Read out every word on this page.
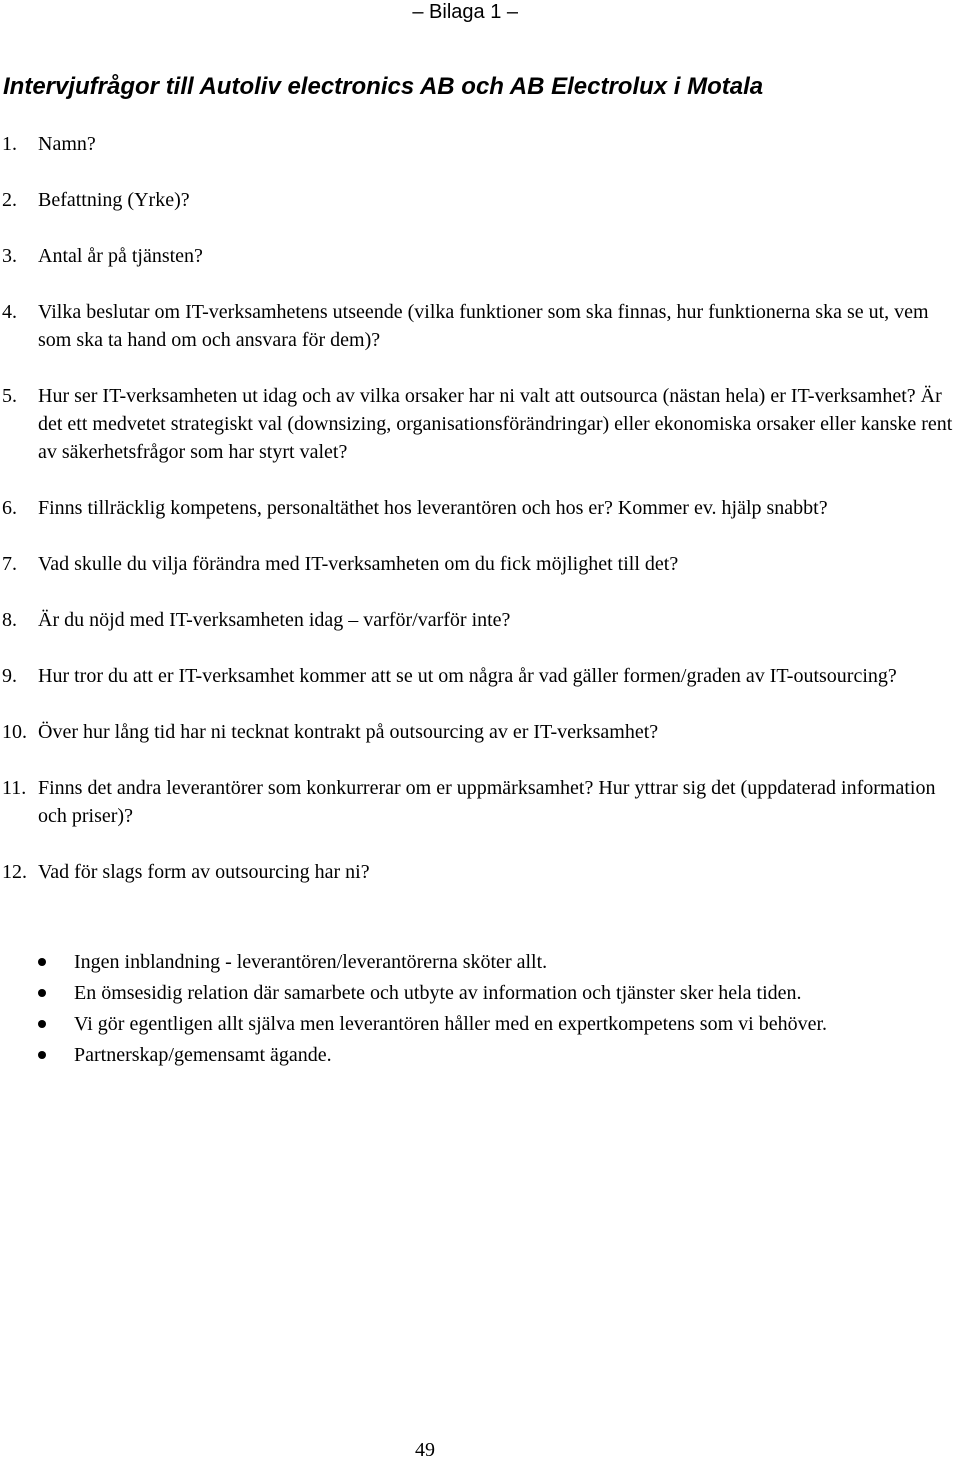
– Bilaga 1 –
Intervjufrågor till Autoliv electronics AB och AB Electrolux i Motala
1. Namn?
2. Befattning (Yrke)?
3. Antal år på tjänsten?
4. Vilka beslutar om IT-verksamhetens utseende (vilka funktioner som ska finnas, hur funktionerna ska se ut, vem som ska ta hand om och ansvara för dem)?
5. Hur ser IT-verksamheten ut idag och av vilka orsaker har ni valt att outsourca (nästan hela) er IT-verksamhet? Är det ett medvetet strategiskt val (downsizing, organisationsförändringar) eller ekonomiska orsaker eller kanske rent av säkerhetsfrågor som har styrt valet?
6. Finns tillräcklig kompetens, personaltäthet hos leverantören och hos er? Kommer ev. hjälp snabbt?
7. Vad skulle du vilja förändra med IT-verksamheten om du fick möjlighet till det?
8. Är du nöjd med IT-verksamheten idag – varför/varför inte?
9. Hur tror du att er IT-verksamhet kommer att se ut om några år vad gäller formen/graden av IT-outsourcing?
10. Över hur lång tid har ni tecknat kontrakt på outsourcing av er IT-verksamhet?
11. Finns det andra leverantörer som konkurrerar om er uppmärksamhet? Hur yttrar sig det (uppdaterad information och priser)?
12. Vad för slags form av outsourcing har ni?
Ingen inblandning - leverantören/leverantörerna sköter allt.
En ömsesidig relation där samarbete och utbyte av information och tjänster sker hela tiden.
Vi gör egentligen allt själva men leverantören håller med en expertkompetens som vi behöver.
Partnerskap/gemensamt ägande.
49
